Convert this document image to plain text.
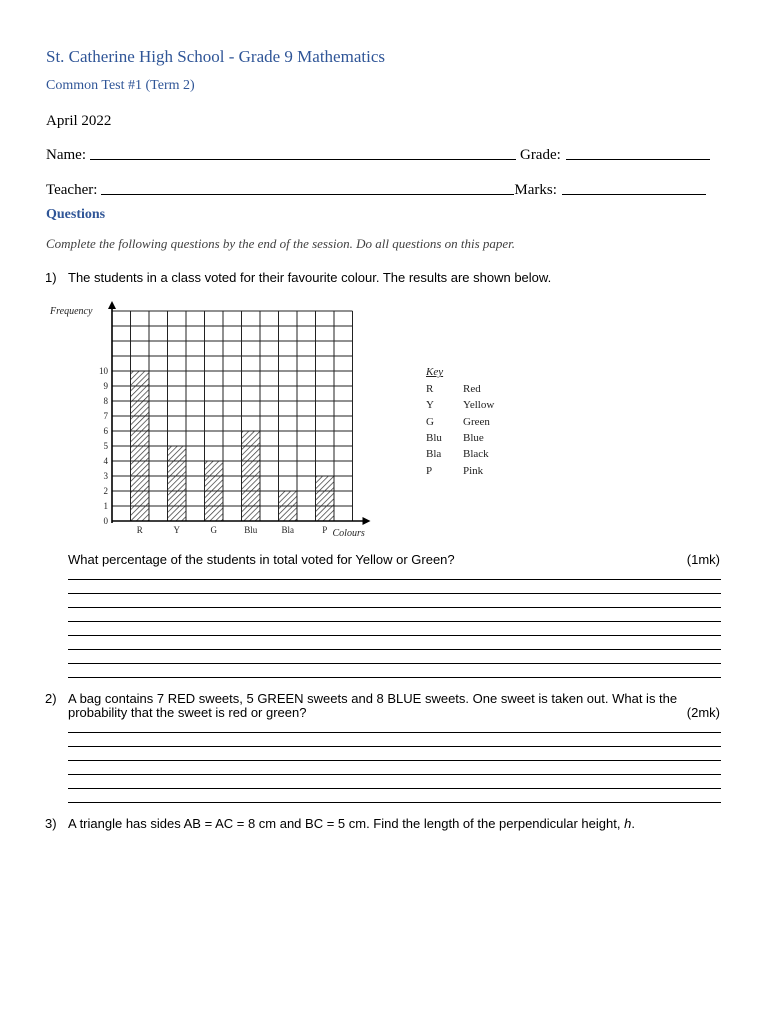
St. Catherine High School - Grade 9 Mathematics
Common Test #1 (Term 2)
April 2022
Name:	Grade:
Teacher:	Marks:
Questions
Complete the following questions by the end of the session. Do all questions on this paper.
1) The students in a class voted for their favourite colour. The results are shown below.
0
1
2
3
4
5
6
7
8
9
10
R	Y	G	Blu	Bla	P
Frequency
Colours
Key
R	Red
Y	Yellow
G	Green
Blu	Blue
Bla	Black
P	Pink
What percentage of the students in total voted for Yellow or Green?	(1mk)
2) A bag contains 7 RED sweets, 5 GREEN sweets and 8 BLUE sweets. One sweet is taken out. What is the
probability that the sweet is red or green?	(2mk)
3) A triangle has sides AB = AC = 8 cm and BC = 5 cm. Find the length of the perpendicular height, h.
